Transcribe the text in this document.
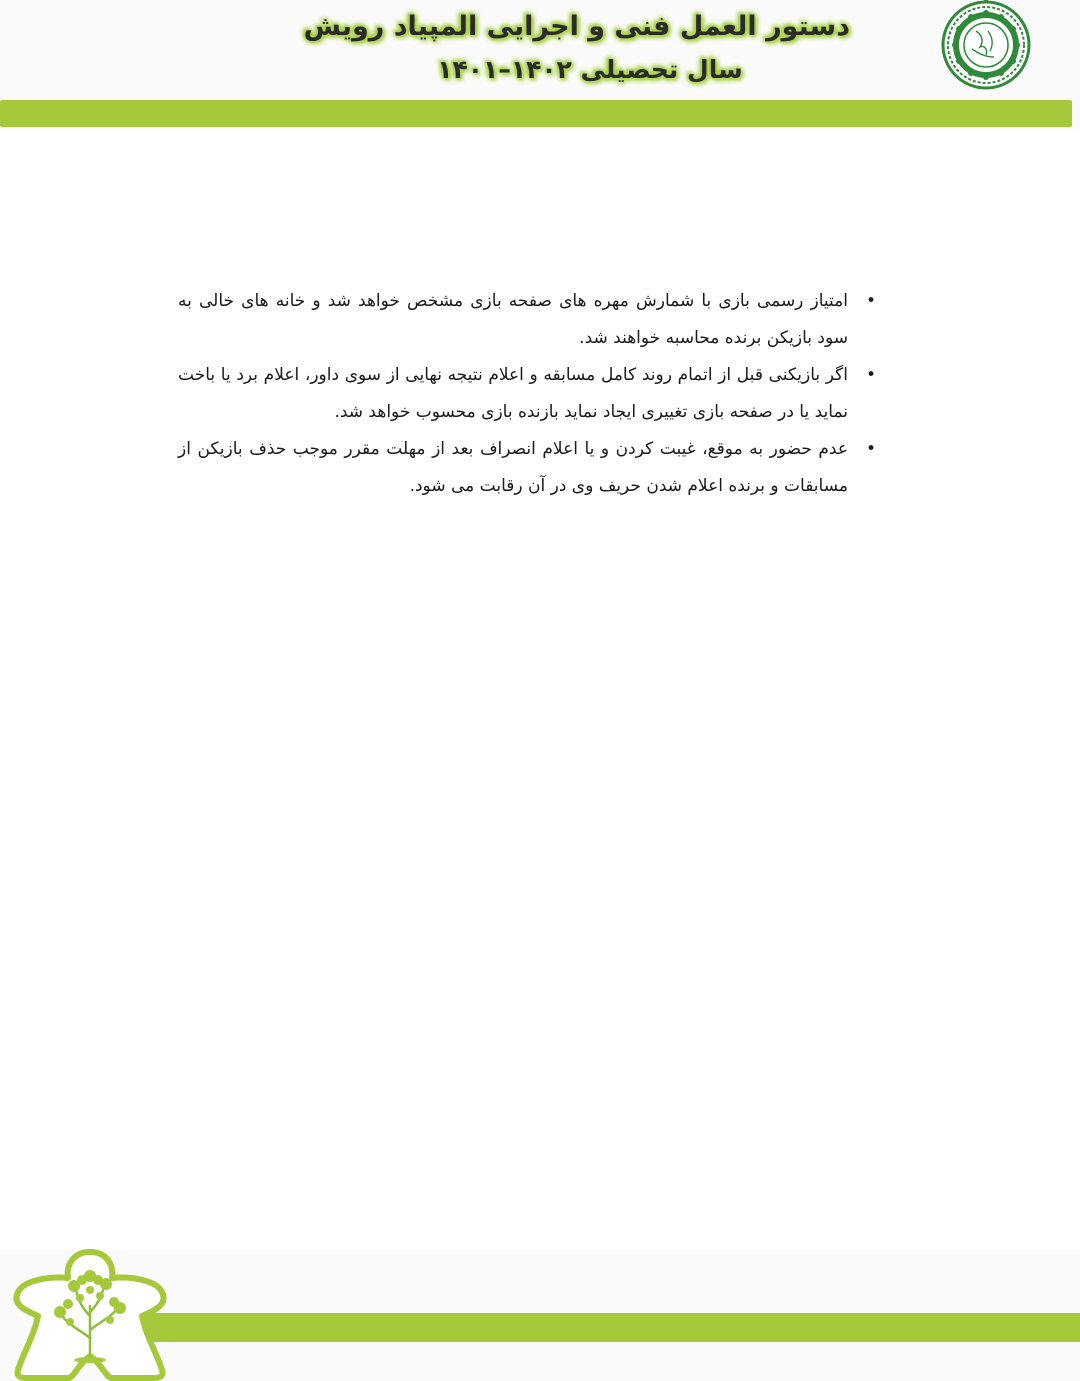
دستور العمل فنی و اجرایی المپیاد رویش
سال تحصیلی ۱۴۰۲–۱۴۰۱
•
امتیاز رسمی بازی با شمارش مهره های صفحه بازی مشخص خواهد شد و خانه های خالی به سود بازیکن برنده محاسبه خواهند شد.
•
اگر بازیکنی قبل از اتمام روند کامل مسابقه و اعلام نتیجه نهایی از سوی داور، اعلام برد یا باخت نماید یا در صفحه بازی تغییری ایجاد نماید بازنده بازی محسوب خواهد شد.
•
عدم حضور به موقع، غیبت کردن و یا اعلام انصراف بعد از مهلت مقرر موجب حذف بازیکن از مسابقات و برنده اعلام شدن حریف وی در آن رقابت می شود.
